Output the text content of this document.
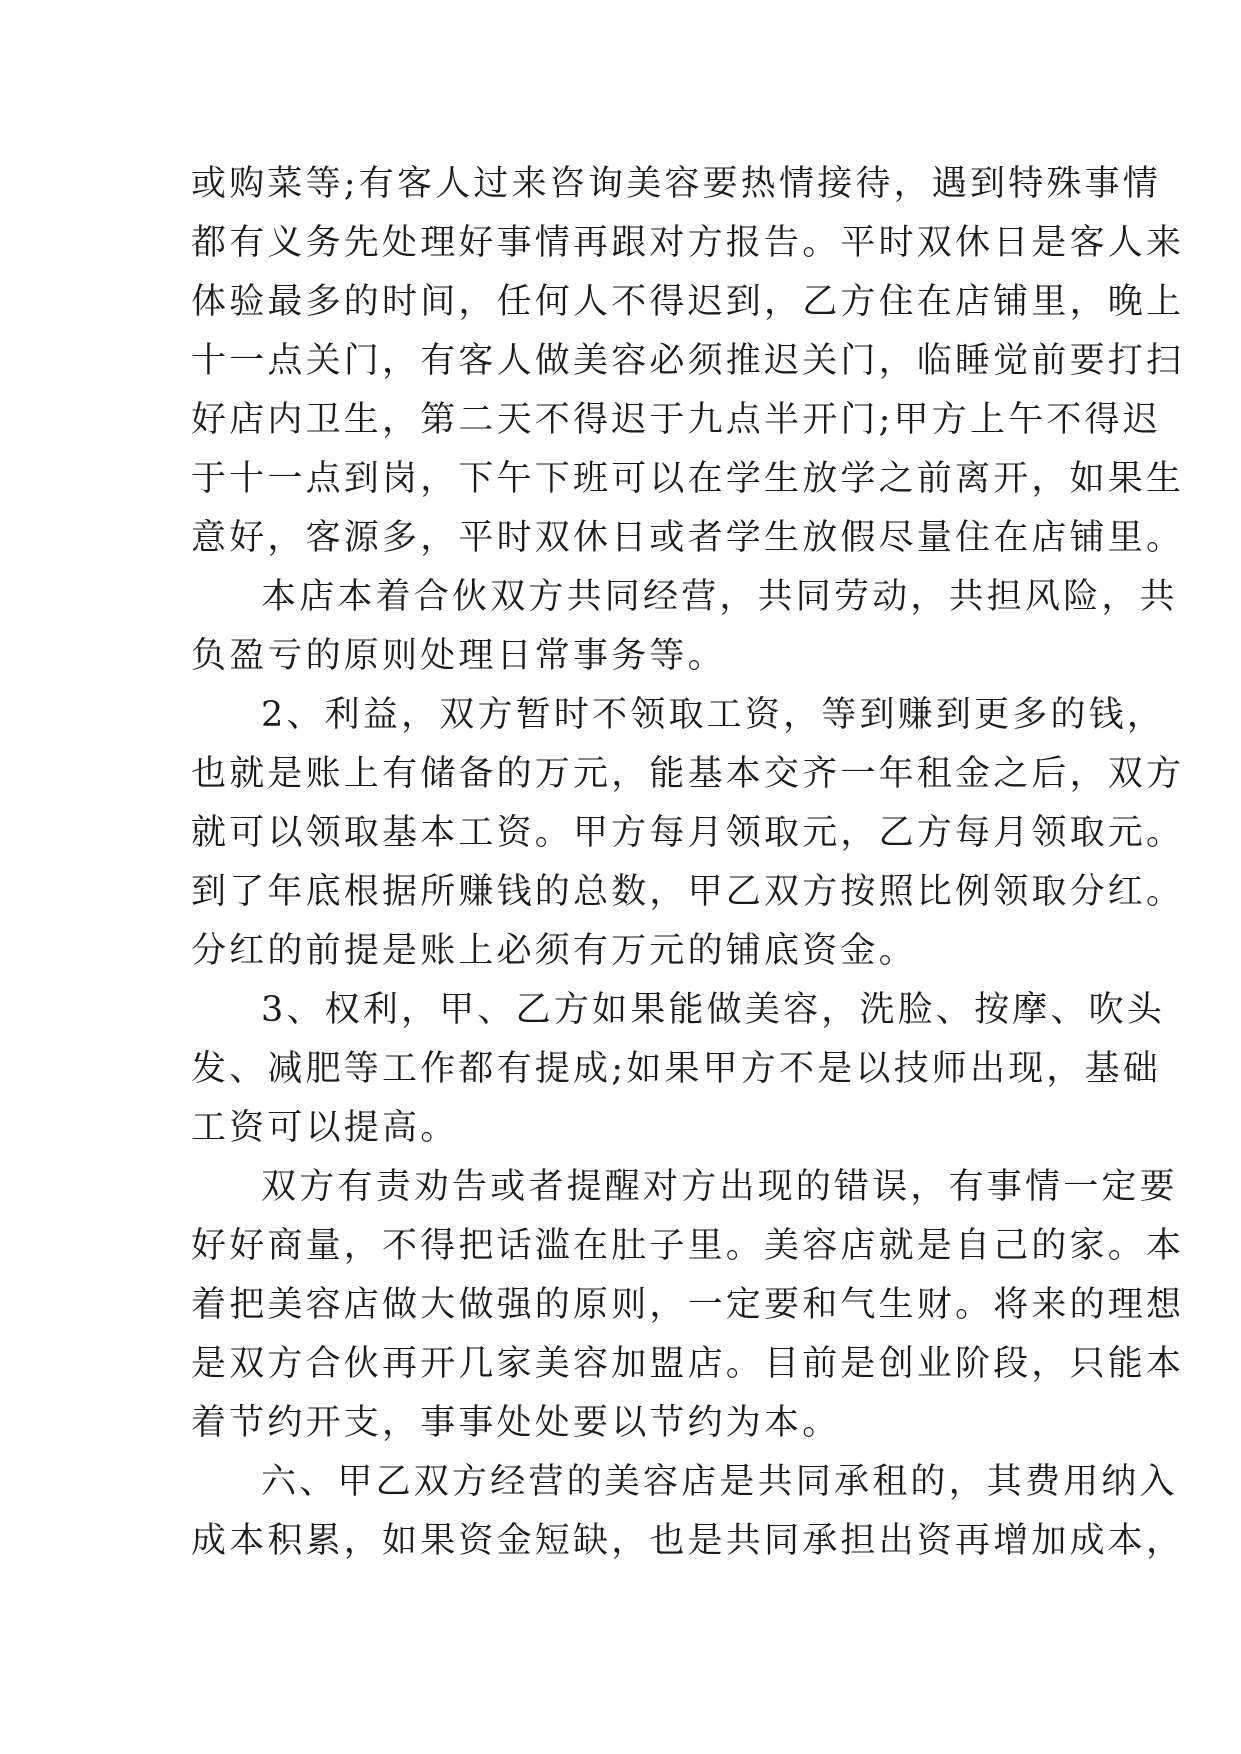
或购菜等;有客人过来咨询美容要热情接待，遇到特殊事情
都有义务先处理好事情再跟对方报告。平时双休日是客人来
体验最多的时间，任何人不得迟到，乙方住在店铺里，晚上
十一点关门，有客人做美容必须推迟关门，临睡觉前要打扫
好店内卫生，第二天不得迟于九点半开门;甲方上午不得迟
于十一点到岗，下午下班可以在学生放学之前离开，如果生
意好，客源多，平时双休日或者学生放假尽量住在店铺里。
本店本着合伙双方共同经营，共同劳动，共担风险，共
负盈亏的原则处理日常事务等。
2、利益，双方暂时不领取工资，等到赚到更多的钱，
也就是账上有储备的万元，能基本交齐一年租金之后，双方
就可以领取基本工资。甲方每月领取元，乙方每月领取元。
到了年底根据所赚钱的总数，甲乙双方按照比例领取分红。
分红的前提是账上必须有万元的铺底资金。
3、权利，甲、乙方如果能做美容，洗脸、按摩、吹头
发、减肥等工作都有提成;如果甲方不是以技师出现，基础
工资可以提高。
双方有责劝告或者提醒对方出现的错误，有事情一定要
好好商量，不得把话滥在肚子里。美容店就是自己的家。本
着把美容店做大做强的原则，一定要和气生财。将来的理想
是双方合伙再开几家美容加盟店。目前是创业阶段，只能本
着节约开支，事事处处要以节约为本。
六、甲乙双方经营的美容店是共同承租的，其费用纳入
成本积累，如果资金短缺，也是共同承担出资再增加成本，
